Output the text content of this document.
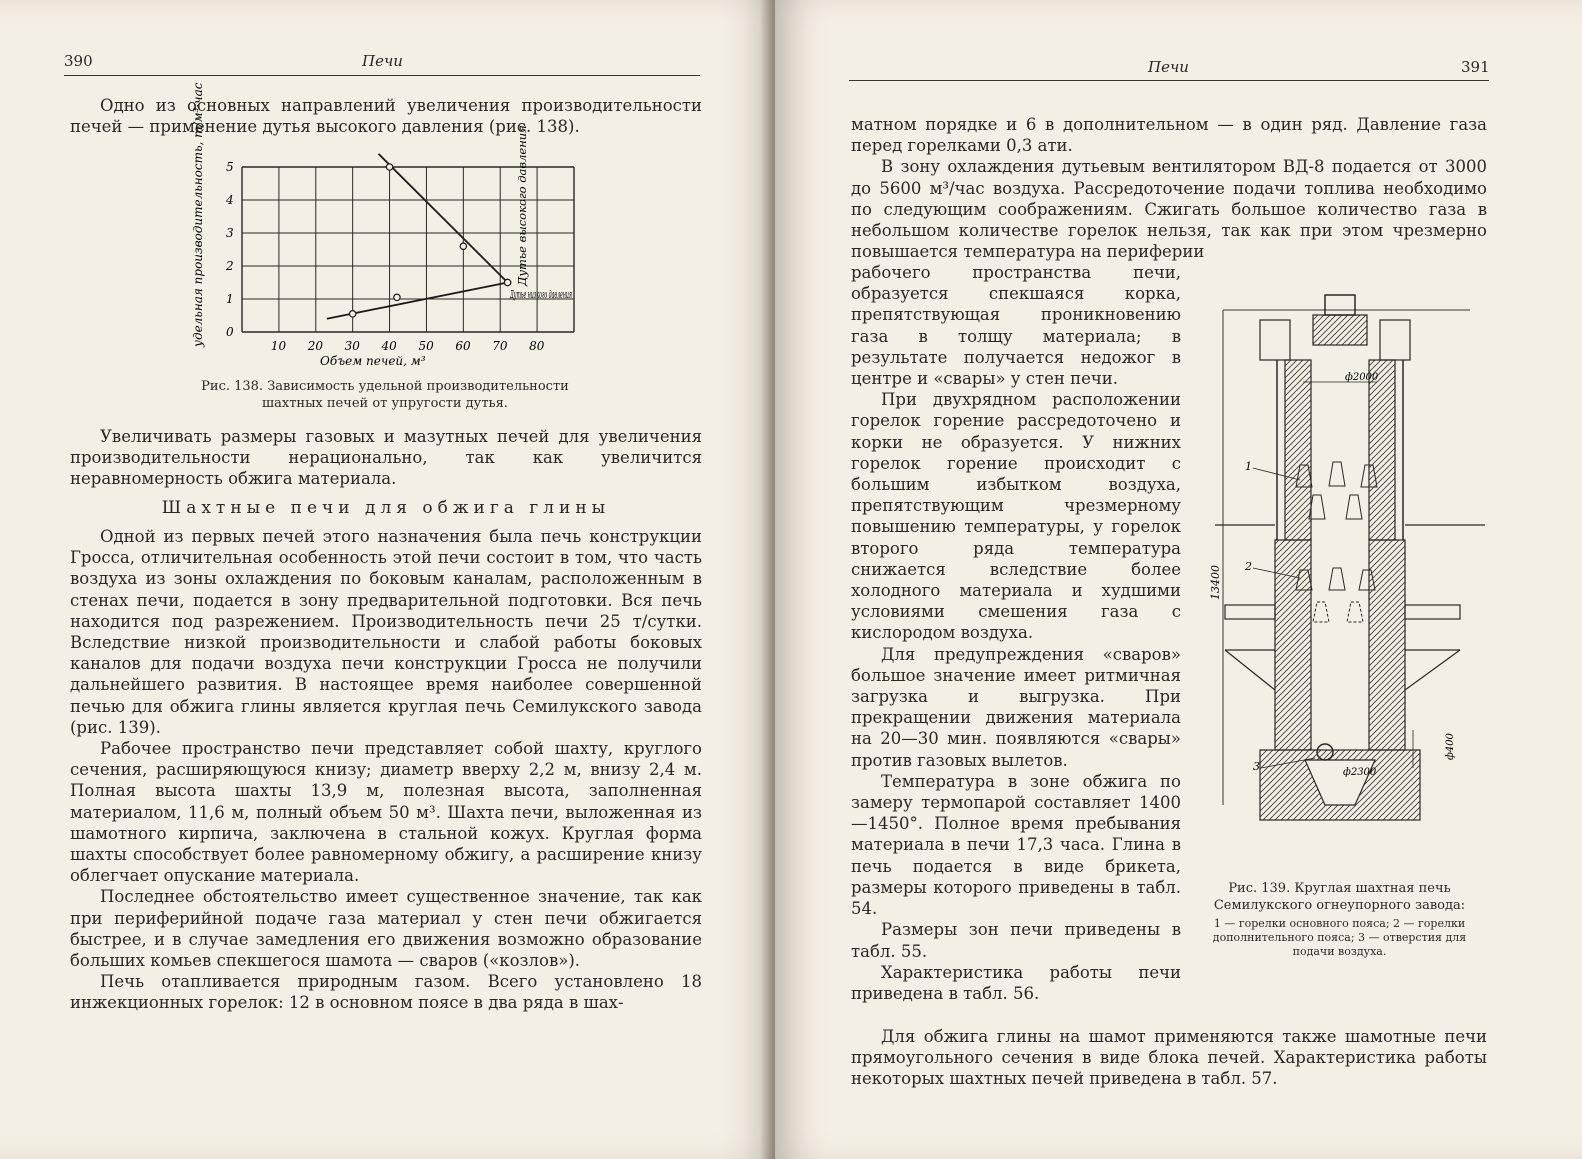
390	Печи

Одно из основных направлений увеличения производительности печей — применение дутья высокого давления (рис. 138).

0
1
2
3
4
5
10 20 30 40 50 60 70 80
удельная производительность, т/м³·час
Объем печей, м³
Дутье высокого давления
Дутье низкого давления
Рис. 138. Зависимость удельной производительности шахтных печей от упругости дутья.

Увеличивать размеры газовых и мазутных печей для увеличения производительности нерационально, так как увеличится неравномерность обжига материала.

Шахтные печи для обжига глины

Одной из первых печей этого назначения была печь конструкции Гросса, отличительная особенность этой печи состоит в том, что часть воздуха из зоны охлаждения по боковым каналам, расположенным в стенах печи, подается в зону предварительной подготовки. Вся печь находится под разрежением. Производительность печи 25 т/сутки. Вследствие низкой производительности и слабой работы боковых каналов для подачи воздуха печи конструкции Гросса не получили дальнейшего развития. В настоящее время наиболее совершенной печью для обжига глины является круглая печь Семилукского завода (рис. 139).

Рабочее пространство печи представляет собой шахту, круглого сечения, расширяющуюся книзу; диаметр вверху 2,2 м, внизу 2,4 м. Полная высота шахты 13,9 м, полезная высота, заполненная материалом, 11,6 м, полный объем 50 м³. Шахта печи, выложенная из шамотного кирпича, заключена в стальной кожух. Круглая форма шахты способствует более равномерному обжигу, а расширение книзу облегчает опускание материала.

Последнее обстоятельство имеет существенное значение, так как при периферийной подаче газа материал у стен печи обжигается быстрее, и в случае замедления его движения возможно образование больших комьев спекшегося шамота — сваров («козлов»).

Печь отапливается природным газом. Всего установлено 18 инжекционных горелок: 12 в основном поясе в два ряда в шах-

Печи	391

матном порядке и 6 в дополнительном — в один ряд. Давление газа перед горелками 0,3 ати.

В зону охлаждения дутьевым вентилятором ВД-8 подается от 3000 до 5600 м³/час воздуха. Рассредоточение подачи топлива необходимо по следующим соображениям. Сжигать большое количество газа в небольшом количестве горелок нельзя, так как при этом чрезмерно повышается температура на периферии

рабочего пространства печи, образуется спекшаяся корка, препятствующая проникновению газа в толщу материала; в результате получается недожог в центре и «свары» у стен печи.

При двухрядном расположении горелок горение рассредоточено и корки не образуется. У нижних горелок горение происходит с большим избытком воздуха, препятствующим чрезмерному повышению температуры, у горелок второго ряда температура снижается вследствие более холодного материала и худшими условиями смешения газа с кислородом воздуха.

Для предупреждения «сваров» большое значение имеет ритмичная загрузка и выгрузка. При прекращении движения материала на 20—30 мин. появляются «свары» против газовых вылетов.

Температура в зоне обжига по замеру термопарой составляет 1400—1450°. Полное время пребывания материала в печи 17,3 часа. Глина в печь подается в виде брикета, размеры которого приведены в табл. 54.

Размеры зон печи приведены в табл. 55.

Характеристика работы печи приведена в табл. 56.

Для обжига глины на шамот применяются также шамотные печи прямоугольного сечения в виде блока печей. Характеристика работы некоторых шахтных печей приведена в табл. 57.

ф2000
ф2300
ф400
13400
1
2
3
Рис. 139. Круглая шахтная печь Семилукского огнеупорного завода:
1 — горелки основного пояса; 2 — горелки дополнительного пояса; 3 — отверстия для подачи воздуха.
